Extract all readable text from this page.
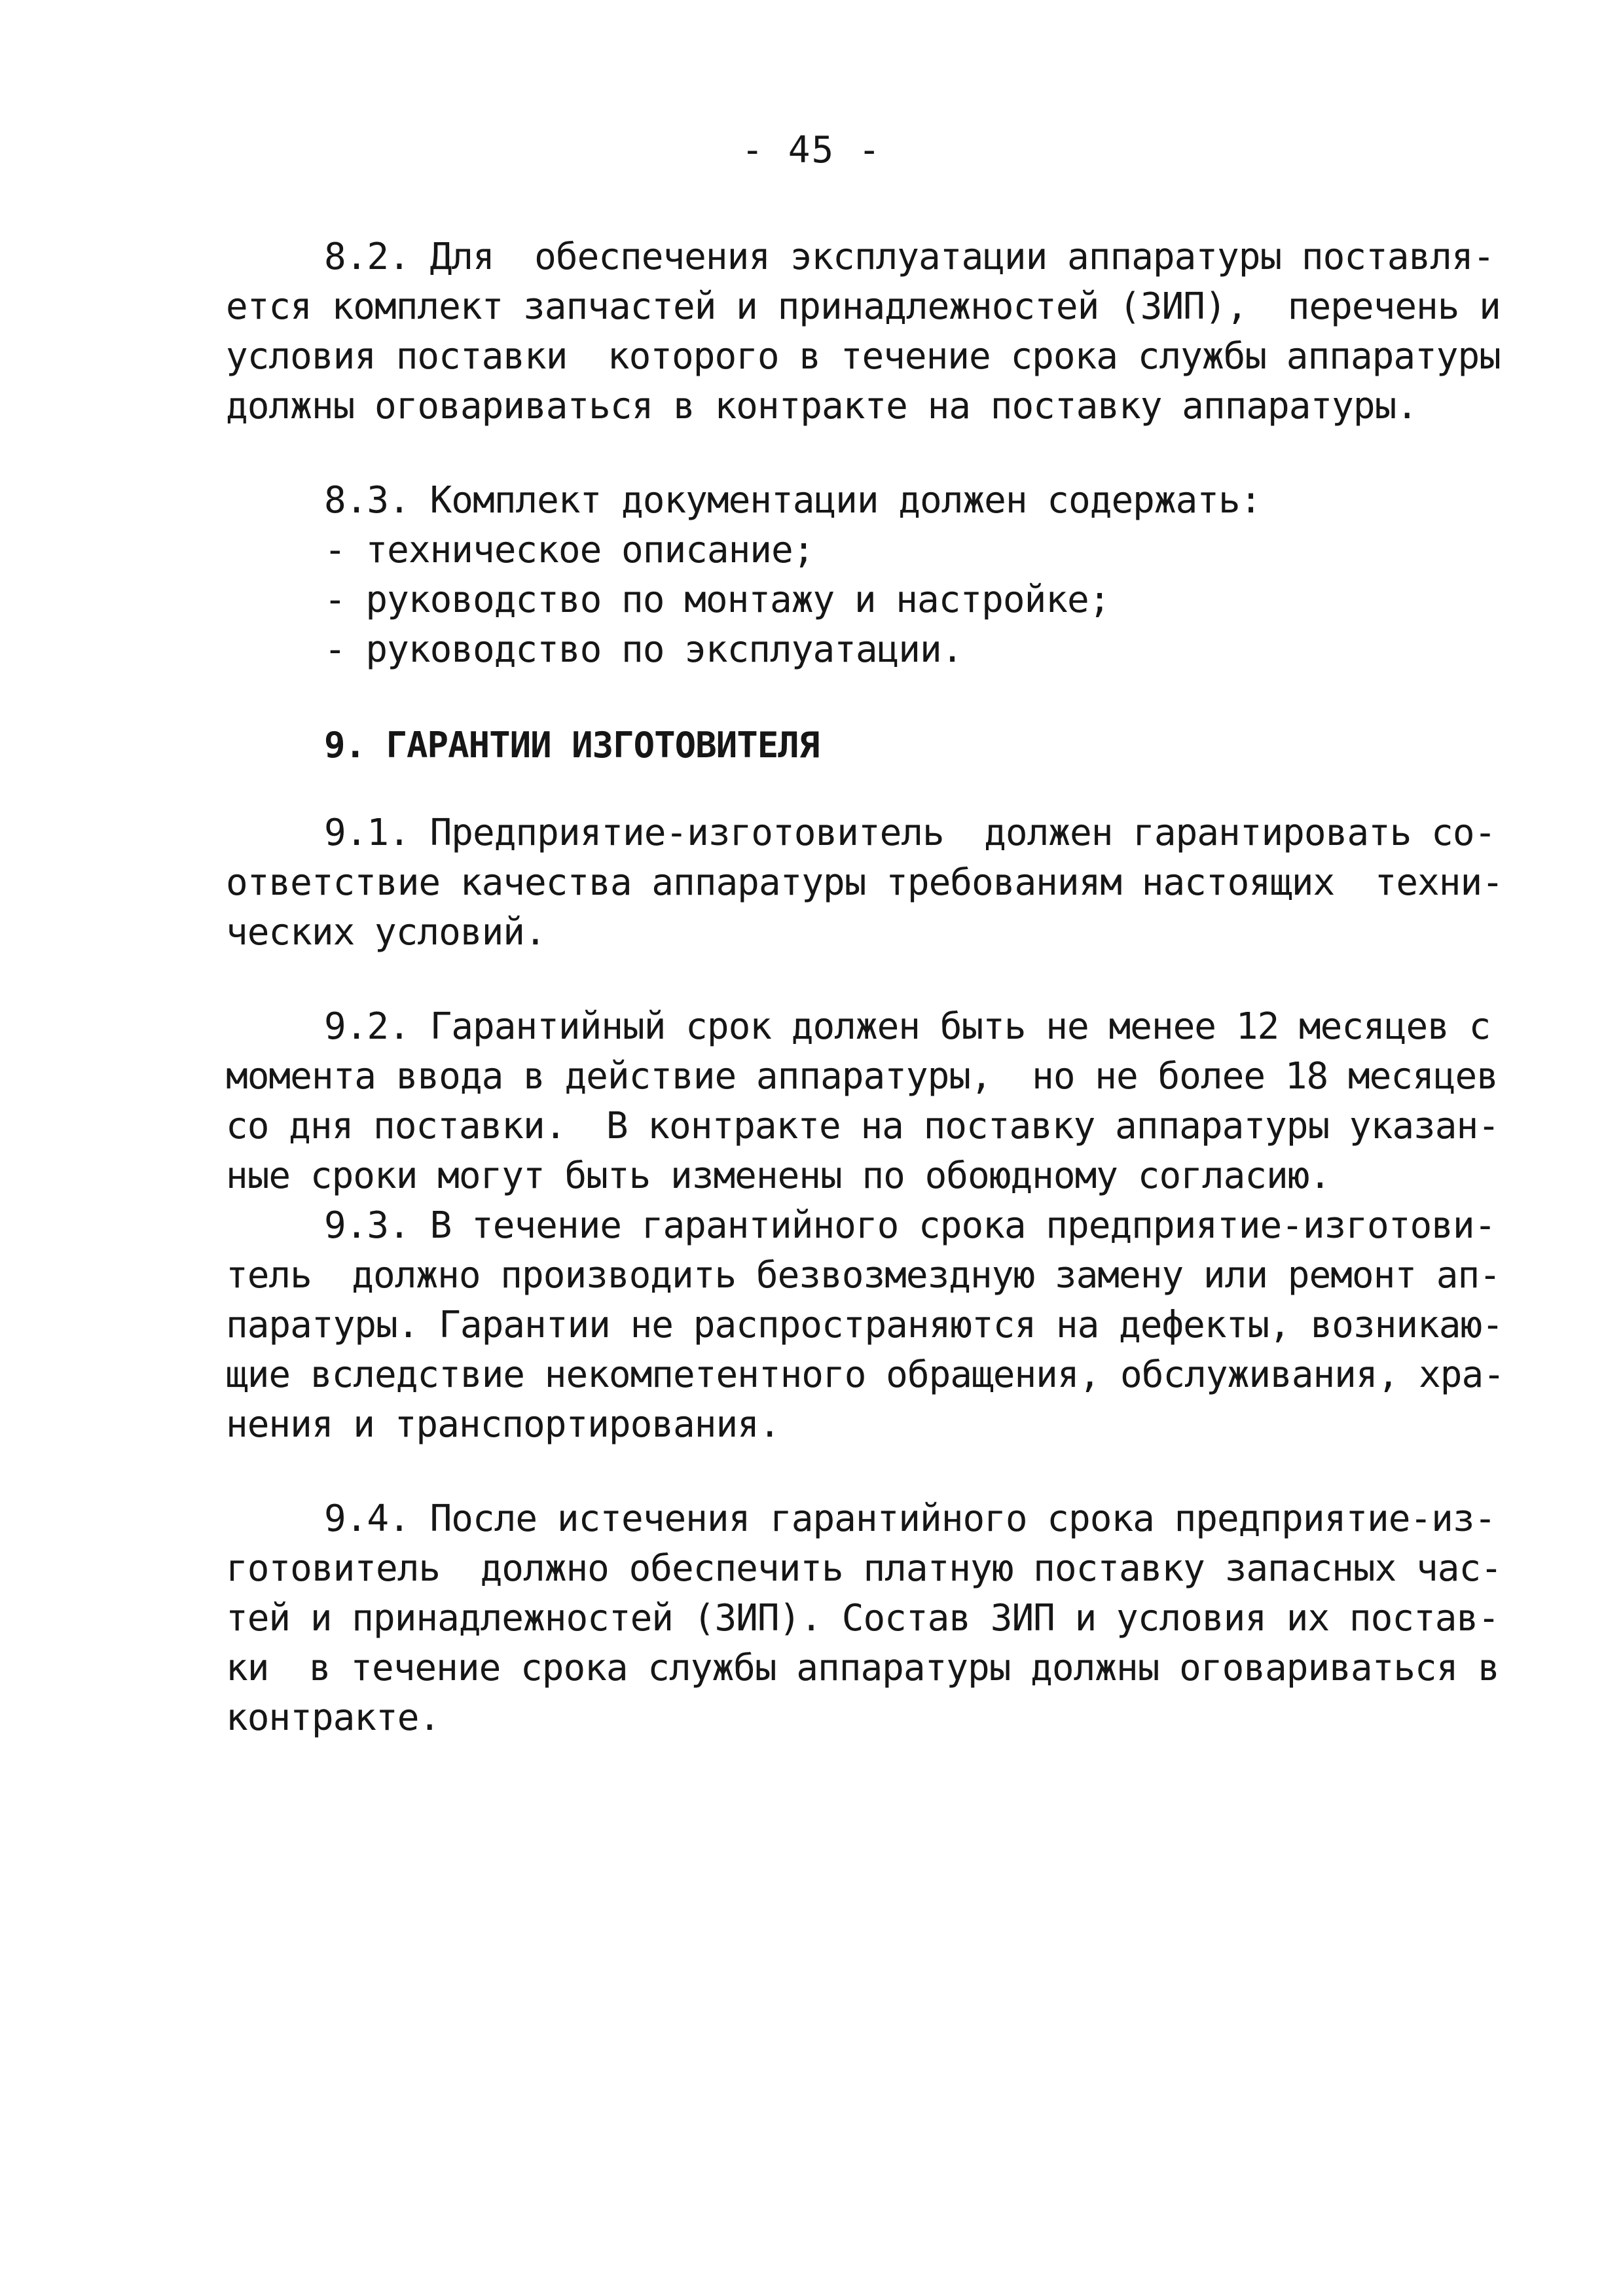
- 45 -

8.2. Для  обеспечения эксплуатации аппаратуры поставля-
ется комплект запчастей и принадлежностей (ЗИП),  перечень и
условия поставки  которого в течение срока службы аппаратуры
должны оговариваться в контракте на поставку аппаратуры.

8.3. Комплект документации должен содержать:
- техническое описание;
- руководство по монтажу и настройке;
- руководство по эксплуатации.

9. ГАРАНТИИ ИЗГОТОВИТЕЛЯ

9.1. Предприятие-изготовитель  должен гарантировать со-
ответствие качества аппаратуры требованиям настоящих  техни-
ческих условий.

9.2. Гарантийный срок должен быть не менее 12 месяцев с
момента ввода в действие аппаратуры,  но не более 18 месяцев
со дня поставки.  В контракте на поставку аппаратуры указан-
ные сроки могут быть изменены по обоюдному согласию.

9.3. В течение гарантийного срока предприятие-изготови-
тель  должно производить безвозмездную замену или ремонт ап-
паратуры. Гарантии не распространяются на дефекты, возникаю-
щие вследствие некомпетентного обращения, обслуживания, хра-
нения и транспортирования.

9.4. После истечения гарантийного срока предприятие-из-
готовитель  должно обеспечить платную поставку запасных час-
тей и принадлежностей (ЗИП). Состав ЗИП и условия их постав-
ки  в течение срока службы аппаратуры должны оговариваться в
контракте.
